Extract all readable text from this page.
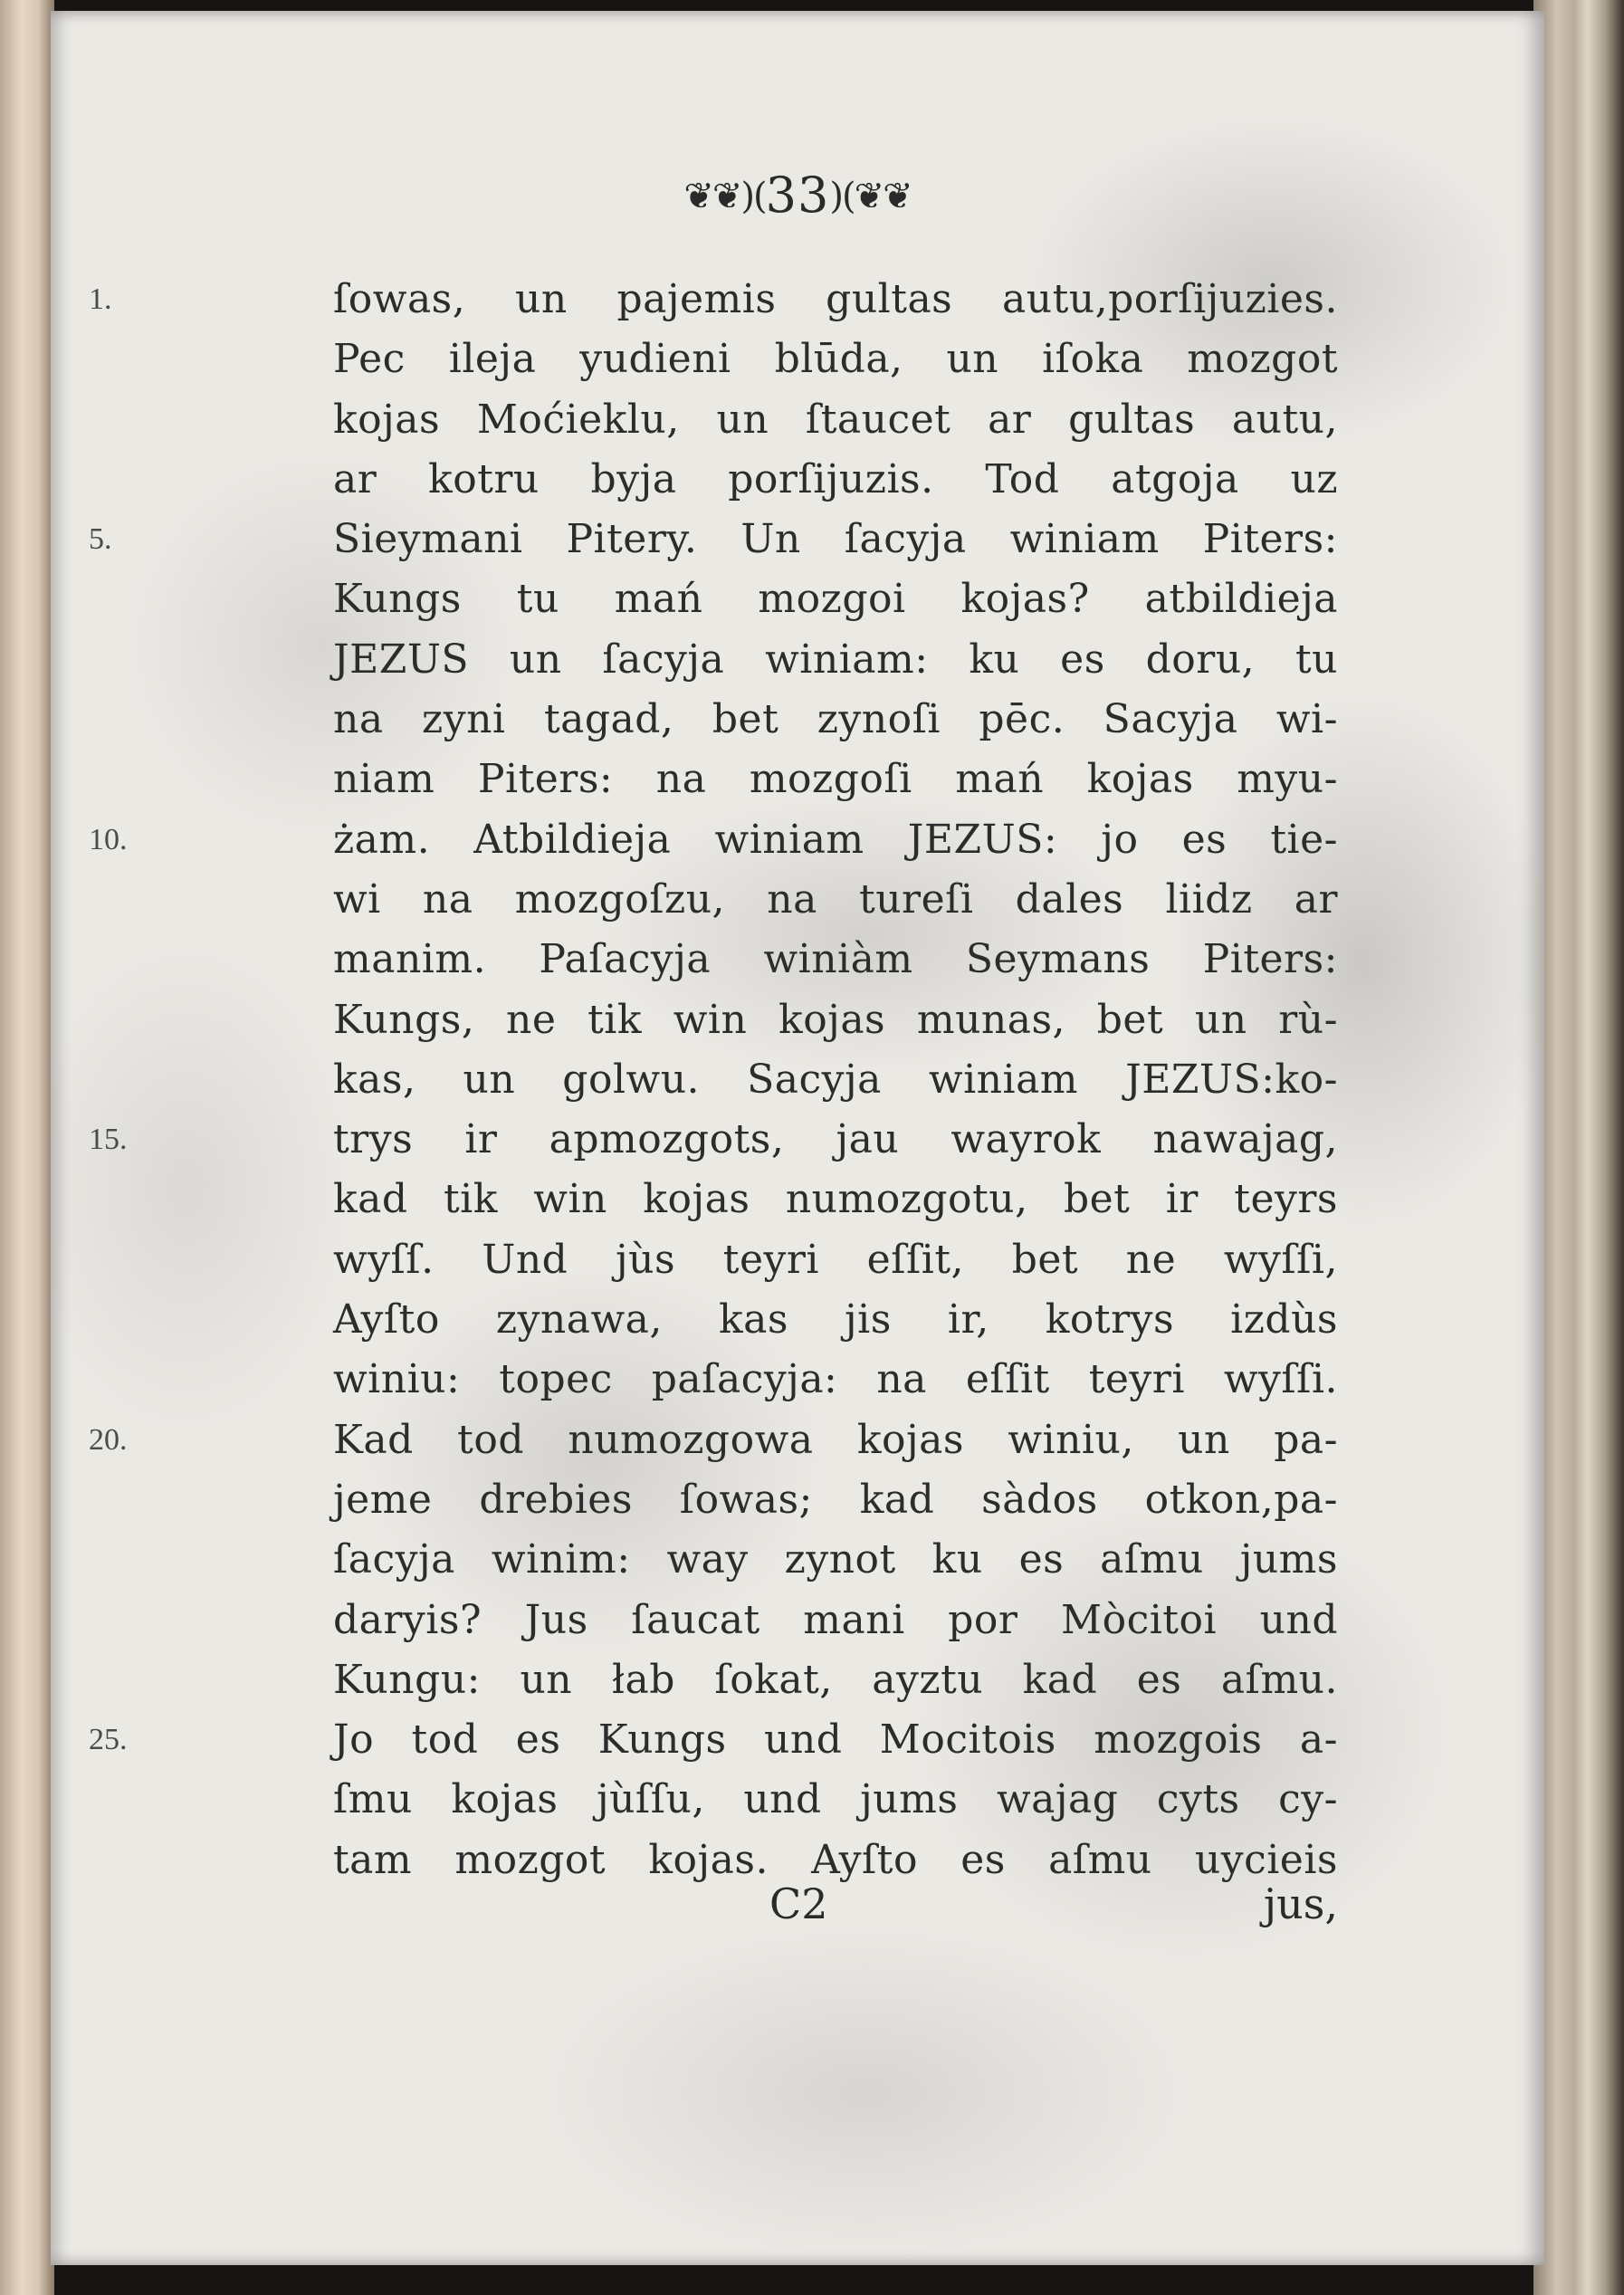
❦❦)(33)(❦❦
1.	ſowas, un pajemis gultas autu,porſijuzies.
Pec ileja yudieni blūda, un iſoka mozgot
kojas Moćieklu, un ſtaucet ar gultas autu,
ar kotru byja porſijuzis. Tod atgoja uz
5.	Sieymani Pitery. Un ſacyja winiam Piters:
Kungs tu mań mozgoi kojas? atbildieja
JEZUS un ſacyja winiam: ku es doru, tu
na zyni tagad, bet zynoſi pēc. Sacyja wi-
niam Piters: na mozgoſi mań kojas myu-
10.	żam. Atbildieja winiam JEZUS: jo es tie-
wi na mozgoſzu, na tureſi dales liidz ar
manim. Paſacyja winiàm Seymans Piters:
Kungs, ne tik win kojas munas, bet un rù-
kas, un golwu. Sacyja winiam JEZUS:ko-
15.	trys ir apmozgots, jau wayrok nawajag,
kad tik win kojas numozgotu, bet ir teyrs
wyſſ. Und jùs teyri eſſit, bet ne wyſſi,
Ayſto zynawa, kas jis ir, kotrys izdùs
winiu: topec paſacyja: na eſſit teyri wyſſi.
20.	Kad tod numozgowa kojas winiu, un pa-
jeme drebies ſowas; kad sàdos otkon,pa-
ſacyja winim: way zynot ku es aſmu jums
daryis? Jus ſaucat mani por Mòcitoi und
Kungu: un łab ſokat, ayztu kad es aſmu.
25.	Jo tod es Kungs und Mocitois mozgois a-
ſmu kojas jùſſu, und jums wajag cyts cy-
tam mozgot kojas. Ayſto es aſmu uycieis
C2	jus,
